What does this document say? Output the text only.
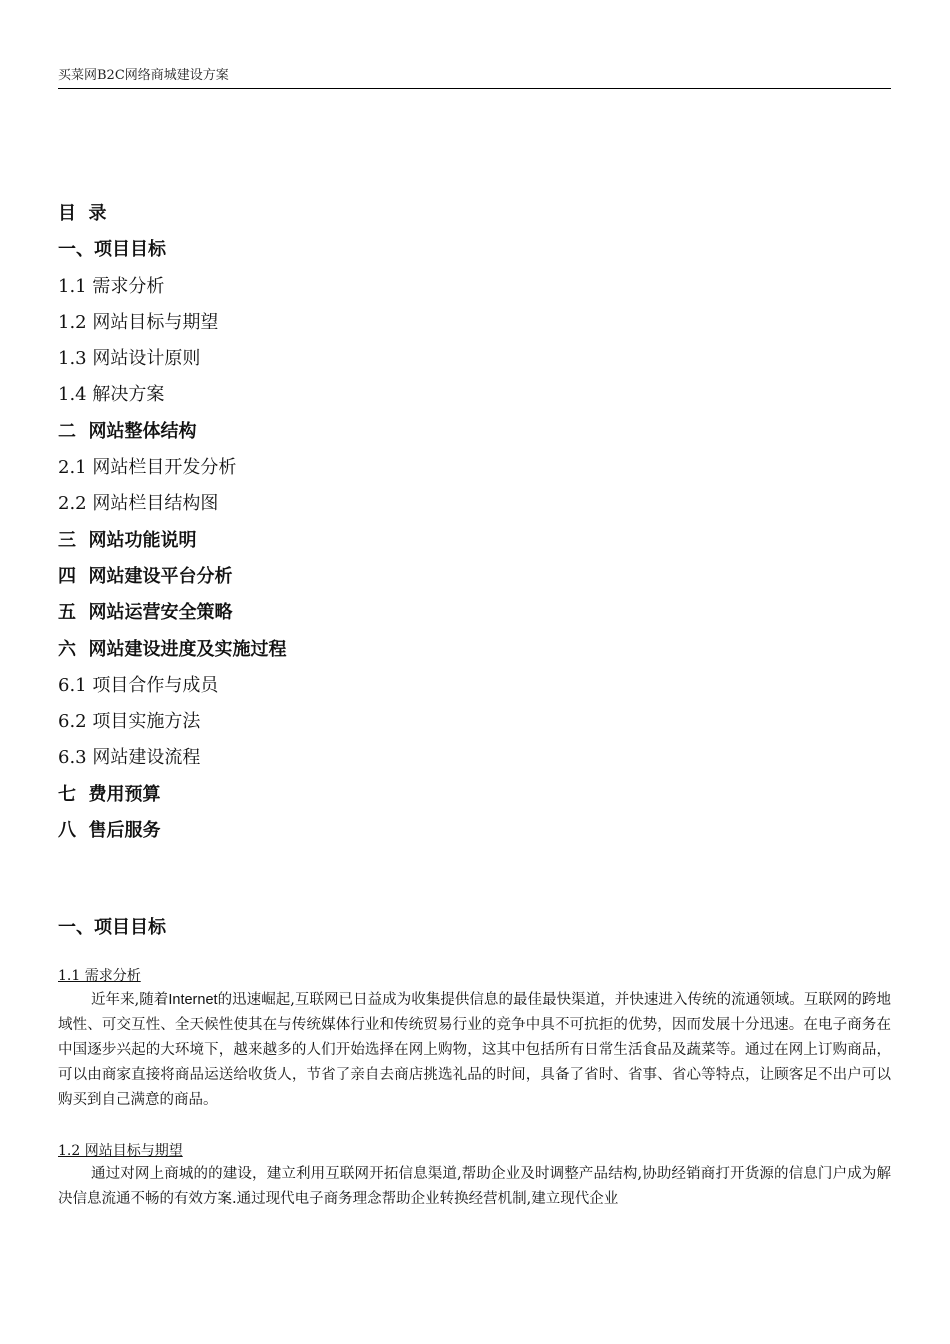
买菜网B2C网络商城建设方案
目  录
一、项目目标
1.1 需求分析
1.2 网站目标与期望
1.3 网站设计原则
1.4 解决方案
二  网站整体结构
2.1 网站栏目开发分析
2.2 网站栏目结构图
三  网站功能说明
四  网站建设平台分析
五  网站运营安全策略
六  网站建设进度及实施过程
6.1 项目合作与成员
6.2 项目实施方法
6.3 网站建设流程
七  费用预算
八  售后服务
一、项目目标
1.1 需求分析
近年来,随着Internet的迅速崛起,互联网已日益成为收集提供信息的最佳最快渠道，并快速进入传统的流通领域。互联网的跨地域性、可交互性、全天候性使其在与传统媒体行业和传统贸易行业的竞争中具不可抗拒的优势，因而发展十分迅速。在电子商务在中国逐步兴起的大环境下，越来越多的人们开始选择在网上购物，这其中包括所有日常生活食品及蔬菜等。通过在网上订购商品，可以由商家直接将商品运送给收货人，节省了亲自去商店挑选礼品的时间，具备了省时、省事、省心等特点，让顾客足不出户可以购买到自己满意的商品。
1.2 网站目标与期望
通过对网上商城的的建设，建立利用互联网开拓信息渠道,帮助企业及时调整产品结构,协助经销商打开货源的信息门户成为解决信息流通不畅的有效方案.通过现代电子商务理念帮助企业转换经营机制,建立现代企业
